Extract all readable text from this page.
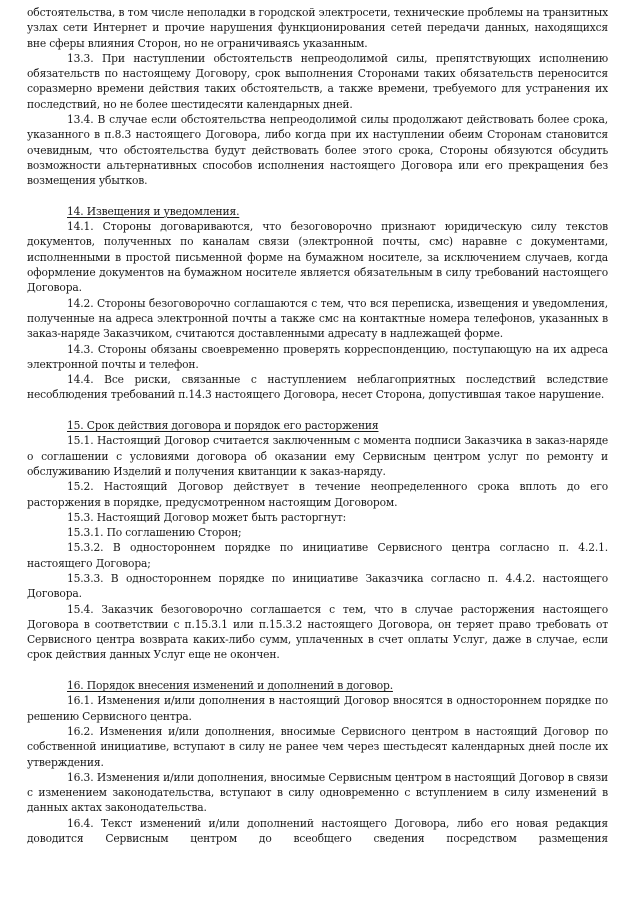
обстоятельства, в том числе неполадки в городской электросети, технические проблемы на транзитных узлах сети Интернет и прочие нарушения функционирования сетей передачи данных, находящихся вне сферы влияния Сторон, но не ограничиваясь указанным.

13.3. При наступлении обстоятельств непреодолимой силы, препятствующих исполнению обязательств по настоящему Договору, срок выполнения Сторонами таких обязательств переносится соразмерно времени действия таких обстоятельств, а также времени, требуемого для устранения их последствий, но не более шестидесяти календарных дней.

13.4. В случае если обстоятельства непреодолимой силы продолжают действовать более срока, указанного в п.8.3 настоящего Договора, либо когда при их наступлении обеим Сторонам становится очевидным, что обстоятельства будут действовать более этого срока, Стороны обязуются обсудить возможности альтернативных способов исполнения настоящего Договора или его прекращения без возмещения убытков.

14. Извещения и уведомления.

14.1. Стороны договариваются, что безоговорочно признают юридическую силу текстов документов, полученных по каналам связи (электронной почты, смс) наравне с документами, исполненными в простой письменной форме на бумажном носителе, за исключением случаев, когда оформление документов на бумажном носителе является обязательным в силу требований настоящего Договора.

14.2. Стороны безоговорочно соглашаются с тем, что вся переписка, извещения и уведомления, полученные на адреса электронной почты а также смс на контактные номера телефонов, указанных в заказ-наряде Заказчиком, считаются доставленными адресату в надлежащей форме.

14.3. Стороны обязаны своевременно проверять корреспонденцию, поступающую на их адреса электронной почты и телефон.

14.4. Все риски, связанные с наступлением неблагоприятных последствий вследствие несоблюдения требований п.14.3 настоящего Договора, несет Сторона, допустившая такое нарушение.

15. Срок действия договора и порядок его расторжения

15.1. Настоящий Договор считается заключенным с момента подписи Заказчика в заказ-наряде о соглашении с условиями договора об оказании ему Сервисным центром услуг по ремонту и обслуживанию Изделий и получения квитанции к заказ-наряду.

15.2. Настоящий Договор действует в течение неопределенного срока вплоть до его расторжения в порядке, предусмотренном настоящим Договором.

15.3. Настоящий Договор может быть расторгнут:

15.3.1. По соглашению Сторон;

15.3.2. В одностороннем порядке по инициативе Сервисного центра согласно п. 4.2.1. настоящего Договора;

15.3.3. В одностороннем порядке по инициативе Заказчика согласно п. 4.4.2. настоящего Договора.

15.4. Заказчик безоговорочно соглашается с тем, что в случае расторжения настоящего Договора в соответствии с п.15.3.1 или п.15.3.2 настоящего Договора, он теряет право требовать от Сервисного центра возврата каких-либо сумм, уплаченных в счет оплаты Услуг, даже в случае, если срок действия данных Услуг еще не окончен.

16. Порядок внесения изменений и дополнений в договор.

16.1. Изменения и/или дополнения в настоящий Договор вносятся в одностороннем порядке по решению Сервисного центра.

16.2. Изменения и/или дополнения, вносимые Сервисного центром в настоящий Договор по собственной инициативе, вступают в силу не ранее чем через шестьдесят календарных дней после их утверждения.

16.3. Изменения и/или дополнения, вносимые Сервисным центром в настоящий Договор в связи с изменением законодательства, вступают в силу одновременно с вступлением в силу изменений в данных актах законодательства.

16.4. Текст изменений и/или дополнений настоящего Договора, либо его новая редакция доводится Сервисным центром до всеобщего сведения посредством размещения
